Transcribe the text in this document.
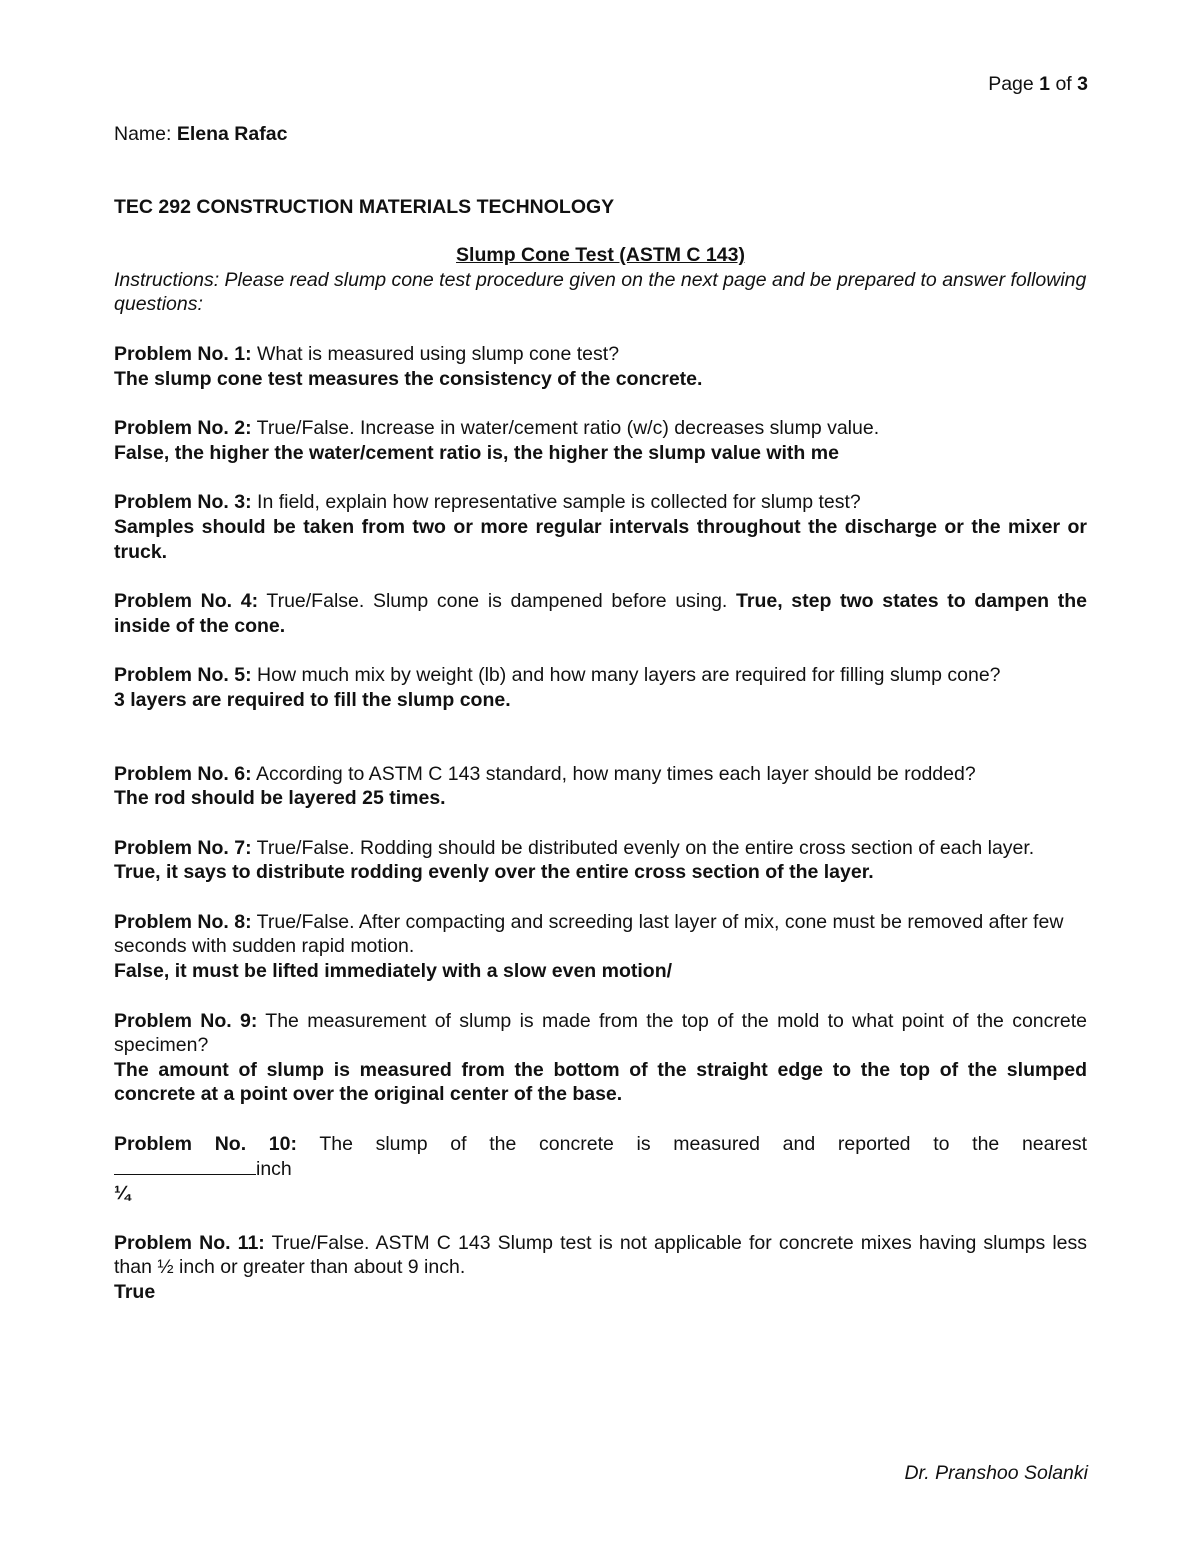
Page 1 of 3

Name: Elena Rafac

TEC 292 CONSTRUCTION MATERIALS TECHNOLOGY

Slump Cone Test (ASTM C 143)

Instructions: Please read slump cone test procedure given on the next page and be prepared to answer following questions:

Problem No. 1: What is measured using slump cone test?
The slump cone test measures the consistency of the concrete.
Problem No. 2: True/False. Increase in water/cement ratio (w/c) decreases slump value.
False, the higher the water/cement ratio is, the higher the slump value with me
Problem No. 3: In field, explain how representative sample is collected for slump test?
Samples should be taken from two or more regular intervals throughout the discharge or the mixer or truck.
Problem No. 4: True/False. Slump cone is dampened before using. True, step two states to dampen the inside of the cone.
Problem No. 5: How much mix by weight (lb) and how many layers are required for filling slump cone?
3 layers are required to fill the slump cone.
Problem No. 6: According to ASTM C 143 standard, how many times each layer should be rodded?
The rod should be layered 25 times.
Problem No. 7: True/False. Rodding should be distributed evenly on the entire cross section of each layer.
True, it says to distribute rodding evenly over the entire cross section of the layer.
Problem No. 8: True/False. After compacting and screeding last layer of mix, cone must be removed after few seconds with sudden rapid motion.
False, it must be lifted immediately with a slow even motion/
Problem No. 9: The measurement of slump is made from the top of the mold to what point of the concrete specimen?
The amount of slump is measured from the bottom of the straight edge to the top of the slumped concrete at a point over the original center of the base.
Problem No. 10: The slump of the concrete is measured and reported to the nearest
inch
¼
Problem No. 11: True/False. ASTM C 143 Slump test is not applicable for concrete mixes having slumps less than ½ inch or greater than about 9 inch.
True
Dr. Pranshoo Solanki
